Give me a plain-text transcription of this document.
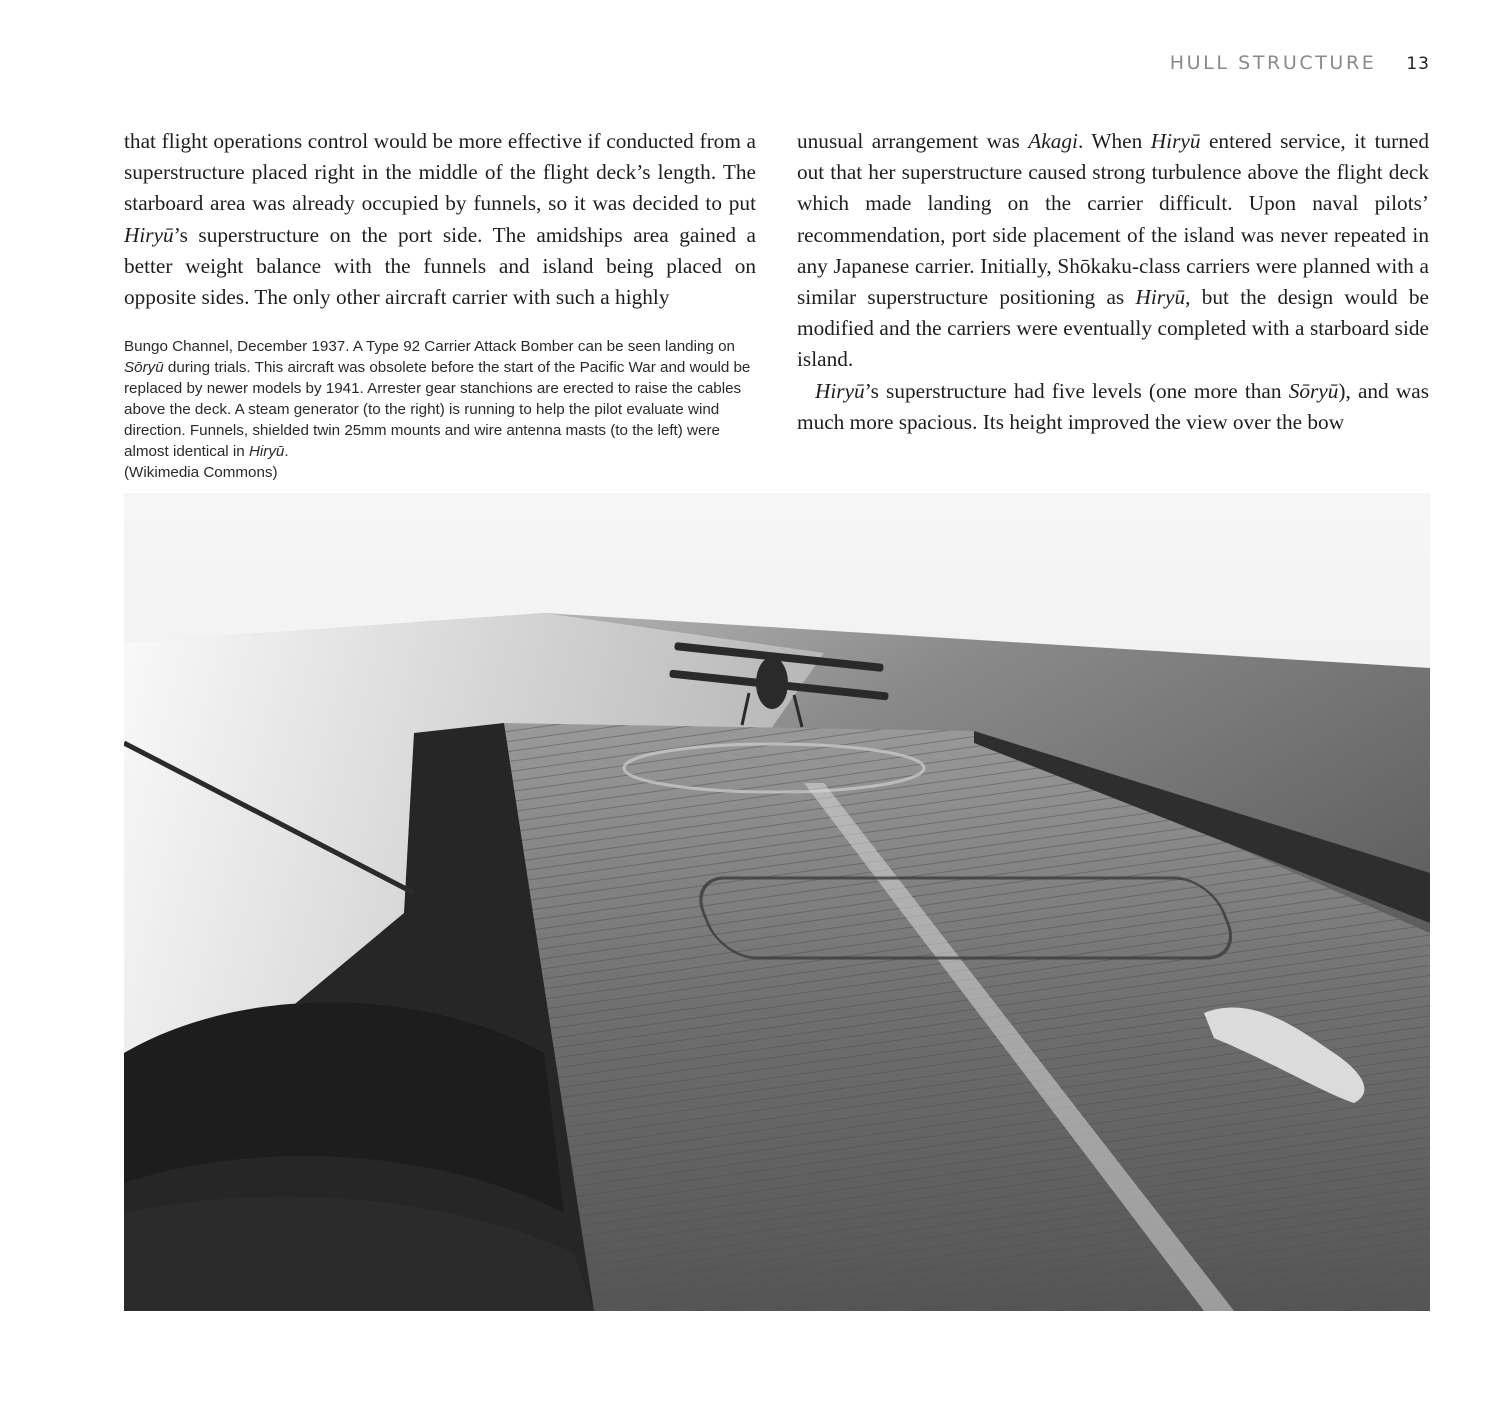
HULL STRUCTURE 13

that flight operations control would be more effective if conducted from a superstructure placed right in the middle of the flight deck’s length. The starboard area was already occupied by funnels, so it was decided to put Hiryū’s superstructure on the port side. The amidships area gained a better weight balance with the funnels and island being placed on opposite sides. The only other aircraft carrier with such a highly

Bungo Channel, December 1937. A Type 92 Carrier Attack Bomber can be seen landing on Sōryū during trials. This aircraft was obsolete before the start of the Pacific War and would be replaced by newer models by 1941. Arrester gear stanchions are erected to raise the cables above the deck. A steam generator (to the right) is running to help the pilot evaluate wind direction. Funnels, shielded twin 25mm mounts and wire antenna masts (to the left) were almost identical in Hiryū.

(Wikimedia Commons)

unusual arrangement was Akagi. When Hiryū entered service, it turned out that her superstructure caused strong turbulence above the flight deck which made landing on the carrier difficult. Upon naval pilots’ recommendation, port side placement of the island was never repeated in any Japanese carrier. Initially, Shōkaku-class carriers were planned with a similar superstructure positioning as Hiryū, but the design would be modified and the carriers were eventually completed with a starboard side island.

Hiryū’s superstructure had five levels (one more than Sōryū), and was much more spacious. Its height improved the view over the bow
